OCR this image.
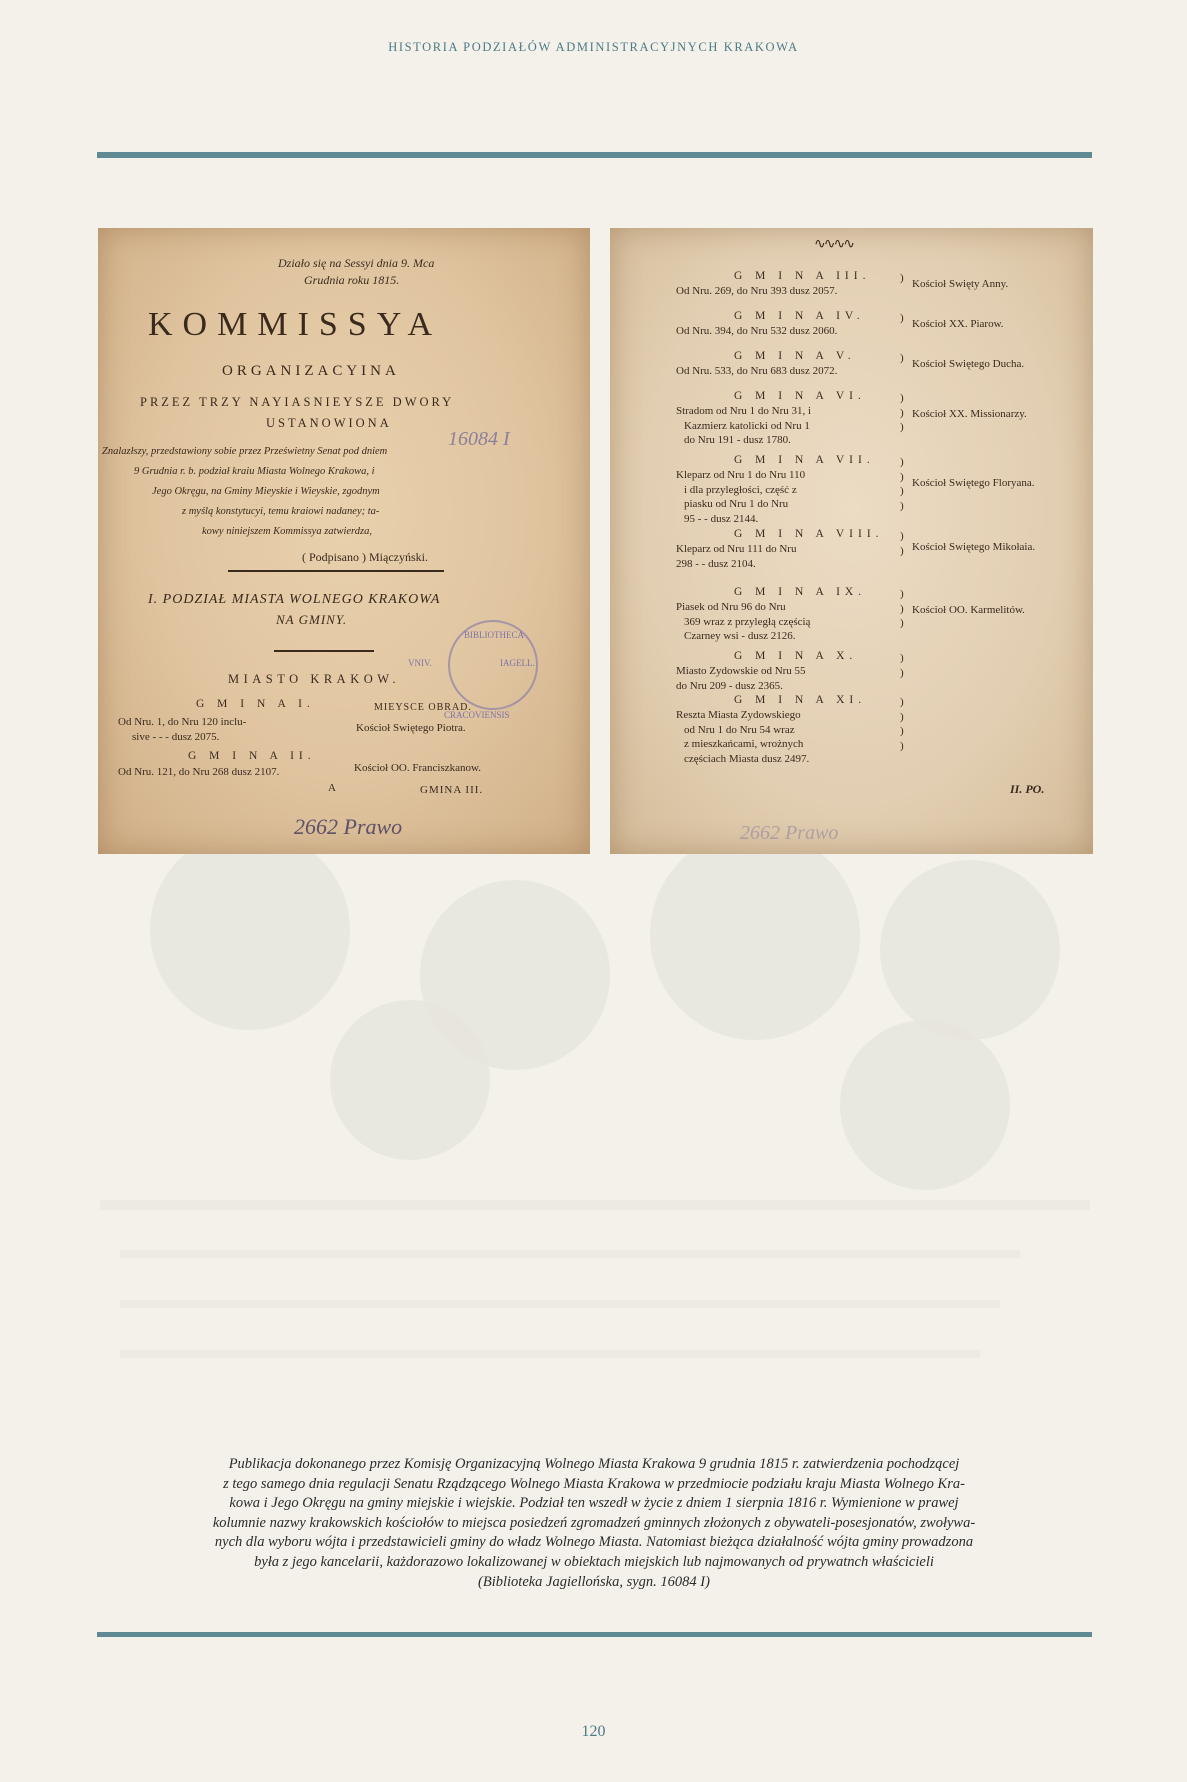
HISTORIA PODZIAŁÓW ADMINISTRACYJNYCH KRAKOWA
Działo się na Sessyi dnia 9. Mca
Grudnia roku 1815.
KOMMISSYA
ORGANIZACYINA
PRZEZ TRZY NAYIASNIEYSZE DWORY
USTANOWIONA
16084 I
Znalazłszy, przedstawiony sobie przez Prześwietny Senat pod dniem
9 Grudnia r. b. podział kraiu Miasta Wolnego Krakowa, i
Jego Okręgu, na Gminy Mieyskie i Wieyskie, zgodnym
z myślą konstytucyi, temu kraiowi nadaney; ta-
kowy niniejszem Kommissya zatwierdza,
( Podpisano ) Miączyński.
I. PODZIAŁ MIASTA WOLNEGO KRAKOWA
NA GMINY.
BIBLIOTHECA
VNIV.	IAGELL.
CRACOVIENSIS
MIASTO KRAKOW.
G M I N A I.	MIEYSCE OBRAD.
Od Nru. 1, do Nru 120 inclu-
sive - - - dusz 2075.
Kościoł Swiętego Piotra.
G M I N A II.
Od Nru. 121, do Nru 268 dusz 2107.	Kościoł OO. Franciszkanow.
A	GMINA III.
2662 Prawo
∿∿∿∿
G M I N A III.
Od Nru. 269, do Nru 393 dusz 2057.
) Kościoł Swięty Anny.
G M I N A IV.
Od Nru. 394, do Nru 532 dusz 2060.
) Kościoł XX. Piarow.
G M I N A V.
Od Nru. 533, do Nru 683 dusz 2072.
) Kościoł Swiętego Ducha.
G M I N A VI.
Stradom od Nru 1 do Nru 31, i
)
Kazmierz katolicki od Nru 1
)
do Nru 191 - dusz 1780.
)
Kościoł XX. Missionarzy.
G M I N A VII.
Kleparz od Nru 1 do Nru 110
)
i dla przyległości, część z
)
piasku od Nru 1 do Nru
)
95 - - dusz 2144.
)
Kościoł Swiętego Floryana.
G M I N A VIII.
Kleparz od Nru 111 do Nru
)
298 - - dusz 2104.
) Kościoł Swiętego Mikołaia.
G M I N A IX.
Piasek od Nru 96 do Nru
)
369 wraz z przyległą częścią
)
Czarney wsi - dusz 2126.
)
Kościoł OO. Karmelitów.
G M I N A X.
Miasto Zydowskie od Nru 55
)
do Nru 209 - dusz 2365.
)
G M I N A XI.
Reszta Miasta Zydowskiego
)
od Nru 1 do Nru 54 wraz
)
z mieszkańcami, wrożnych
)
częściach Miasta dusz 2497.
)
II. PO.
2662 Prawo
Publikacja dokonanego przez Komisję Organizacyjną Wolnego Miasta Krakowa 9 grudnia 1815 r. zatwierdzenia pochodzącej
z tego samego dnia regulacji Senatu Rządzącego Wolnego Miasta Krakowa w przedmiocie podziału kraju Miasta Wolnego Kra-
kowa i Jego Okręgu na gminy miejskie i wiejskie. Podział ten wszedł w życie z dniem 1 sierpnia 1816 r. Wymienione w prawej
kolumnie nazwy krakowskich kościołów to miejsca posiedzeń zgromadzeń gminnych złożonych z obywateli-posesjonatów, zwoływa-
nych dla wyboru wójta i przedstawicieli gminy do władz Wolnego Miasta. Natomiast bieżąca działalność wójta gminy prowadzona
była z jego kancelarii, każdorazowo lokalizowanej w obiektach miejskich lub najmowanych od prywatnch właścicieli
(Biblioteka Jagiellońska, sygn. 16084 I)
120
